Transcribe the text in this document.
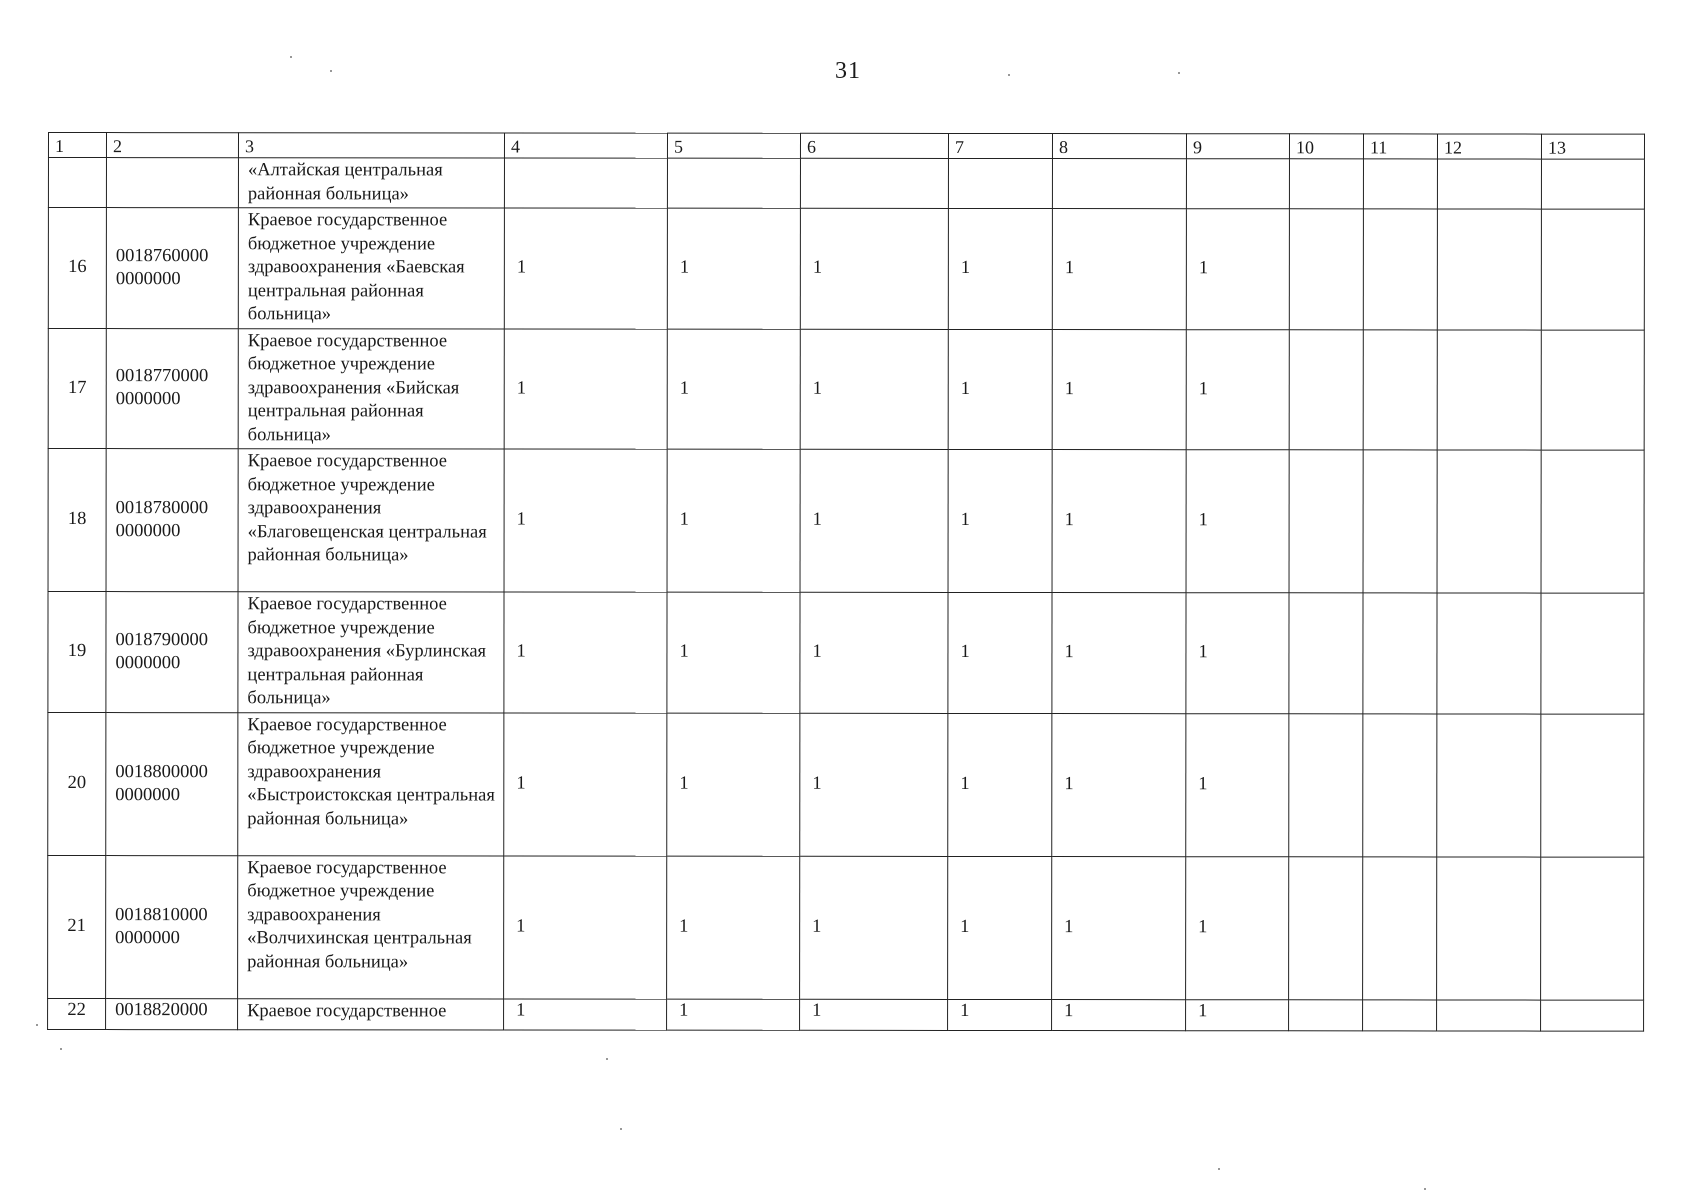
31
1	2	3	4	5	6	7	8	9	10	11	12	13
		«Алтайская центральная районная больница»										
16	0018760000 0000000	Краевое государственное бюджетное учреждение здравоохранения «Баевская центральная районная больница»	1	1	1	1	1	1				
17	0018770000 0000000	Краевое государственное бюджетное учреждение здравоохранения «Бийская центральная районная больница»	1	1	1	1	1	1				
18	0018780000 0000000	Краевое государственное бюджетное учреждение здравоохранения «Благовещенская центральная районная больница»	1	1	1	1	1	1				
19	0018790000 0000000	Краевое государственное бюджетное учреждение здравоохранения «Бурлинская центральная районная больница»	1	1	1	1	1	1				
20	0018800000 0000000	Краевое государственное бюджетное учреждение здравоохранения «Быстроистокская центральная районная больница»	1	1	1	1	1	1				
21	0018810000 0000000	Краевое государственное бюджетное учреждение здравоохранения «Волчихинская центральная районная больница»	1	1	1	1	1	1				
22	0018820000	Краевое государственное	1	1	1	1	1	1				
